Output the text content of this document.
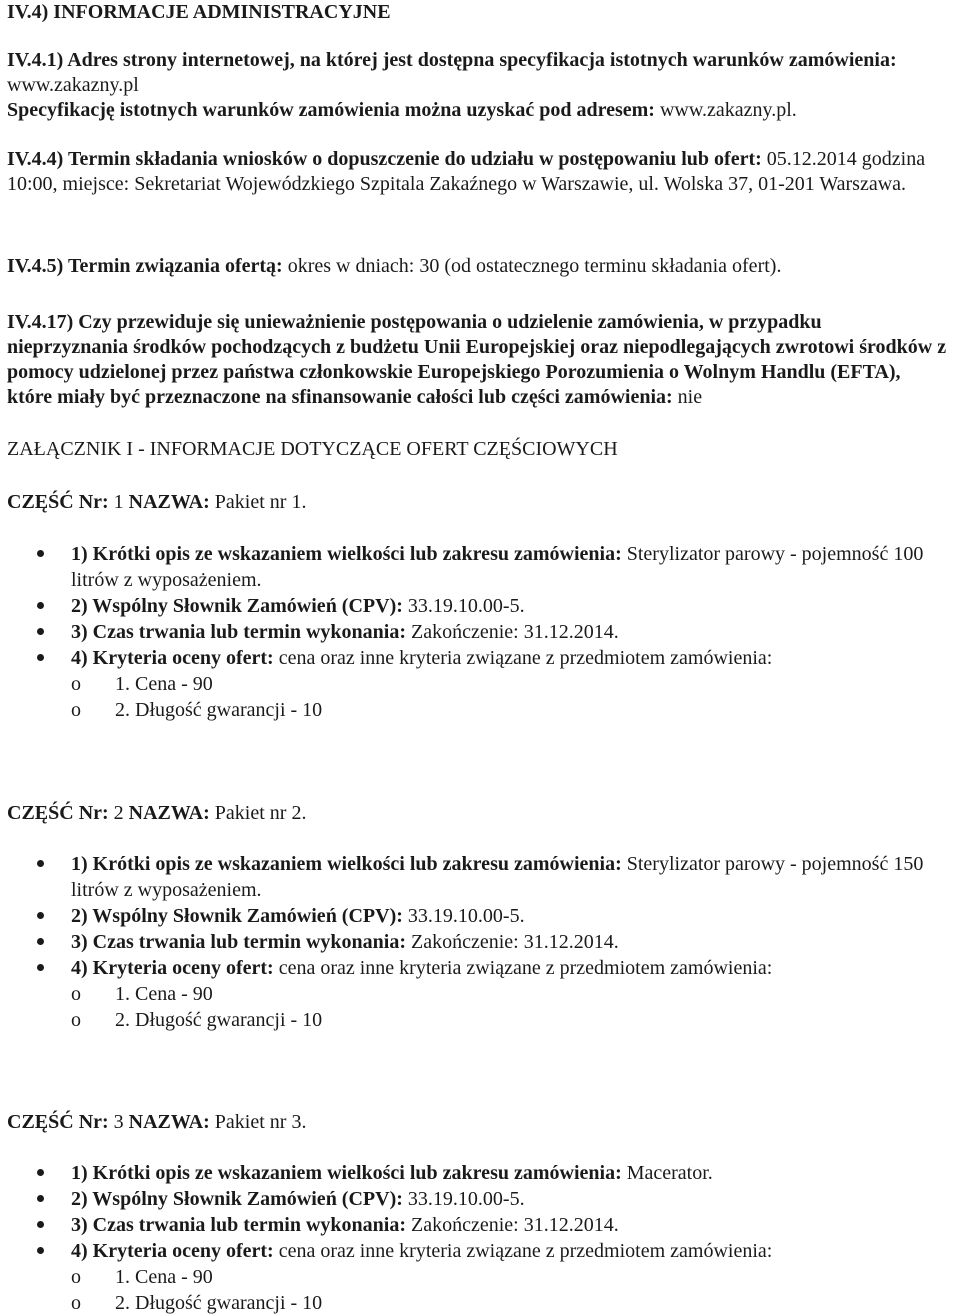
IV.4) INFORMACJE ADMINISTRACYJNE
IV.4.1) Adres strony internetowej, na której jest dostępna specyfikacja istotnych warunków zamówienia: www.zakazny.pl
Specyfikację istotnych warunków zamówienia można uzyskać pod adresem: www.zakazny.pl.
IV.4.4) Termin składania wniosków o dopuszczenie do udziału w postępowaniu lub ofert: 05.12.2014 godzina 10:00, miejsce: Sekretariat Wojewódzkiego Szpitala Zakaźnego w Warszawie, ul. Wolska 37, 01-201 Warszawa.
IV.4.5) Termin związania ofertą: okres w dniach: 30 (od ostatecznego terminu składania ofert).
IV.4.17) Czy przewiduje się unieważnienie postępowania o udzielenie zamówienia, w przypadku nieprzyznania środków pochodzących z budżetu Unii Europejskiej oraz niepodlegających zwrotowi środków z pomocy udzielonej przez państwa członkowskie Europejskiego Porozumienia o Wolnym Handlu (EFTA), które miały być przeznaczone na sfinansowanie całości lub części zamówienia: nie
ZAŁĄCZNIK I - INFORMACJE DOTYCZĄCE OFERT CZĘŚCIOWYCH
CZĘŚĆ Nr: 1 NAZWA: Pakiet nr 1.
1) Krótki opis ze wskazaniem wielkości lub zakresu zamówienia: Sterylizator parowy - pojemność 100 litrów z wyposażeniem.
2) Wspólny Słownik Zamówień (CPV): 33.19.10.00-5.
3) Czas trwania lub termin wykonania: Zakończenie: 31.12.2014.
4) Kryteria oceny ofert: cena oraz inne kryteria związane z przedmiotem zamówienia:
o 1. Cena - 90
o 2. Długość gwarancji - 10
CZĘŚĆ Nr: 2 NAZWA: Pakiet nr 2.
1) Krótki opis ze wskazaniem wielkości lub zakresu zamówienia: Sterylizator parowy - pojemność 150 litrów z wyposażeniem.
2) Wspólny Słownik Zamówień (CPV): 33.19.10.00-5.
3) Czas trwania lub termin wykonania: Zakończenie: 31.12.2014.
4) Kryteria oceny ofert: cena oraz inne kryteria związane z przedmiotem zamówienia:
o 1. Cena - 90
o 2. Długość gwarancji - 10
CZĘŚĆ Nr: 3 NAZWA: Pakiet nr 3.
1) Krótki opis ze wskazaniem wielkości lub zakresu zamówienia: Macerator.
2) Wspólny Słownik Zamówień (CPV): 33.19.10.00-5.
3) Czas trwania lub termin wykonania: Zakończenie: 31.12.2014.
4) Kryteria oceny ofert: cena oraz inne kryteria związane z przedmiotem zamówienia:
o 1. Cena - 90
o 2. Długość gwarancji - 10
